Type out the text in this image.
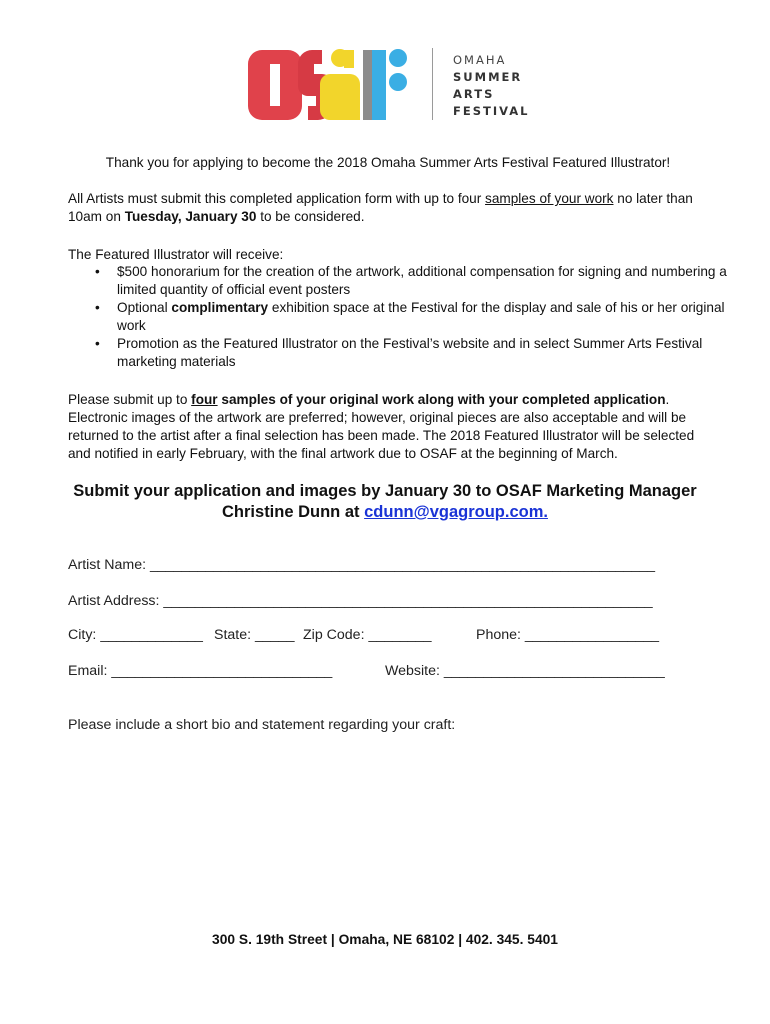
OMAHA
SUMMER
ARTS
FESTIVAL
Thank you for applying to become the 2018 Omaha Summer Arts Festival Featured Illustrator!
All Artists must submit this completed application form with up to four samples of your work no later than 10am on Tuesday, January 30 to be considered.
The Featured Illustrator will receive:
• $500 honorarium for the creation of the artwork, additional compensation for signing and numbering a limited quantity of official event posters
• Optional complimentary exhibition space at the Festival for the display and sale of his or her original work
• Promotion as the Featured Illustrator on the Festival’s website and in select Summer Arts Festival marketing materials
Please submit up to four samples of your original work along with your completed application. Electronic images of the artwork are preferred; however, original pieces are also acceptable and will be returned to the artist after a final selection has been made. The 2018 Featured Illustrator will be selected and notified in early February, with the final artwork due to OSAF at the beginning of March.
Submit your application and images by January 30 to OSAF Marketing Manager
Christine Dunn at cdunn@vgagroup.com.
Artist Name: ________________________________________________________________
Artist Address: ______________________________________________________________
City: _____________ State: _____ Zip Code: ________	Phone: _________________
Email: ____________________________	Website: ____________________________
Please include a short bio and statement regarding your craft:
300 S. 19th Street | Omaha, NE 68102 | 402. 345. 5401
